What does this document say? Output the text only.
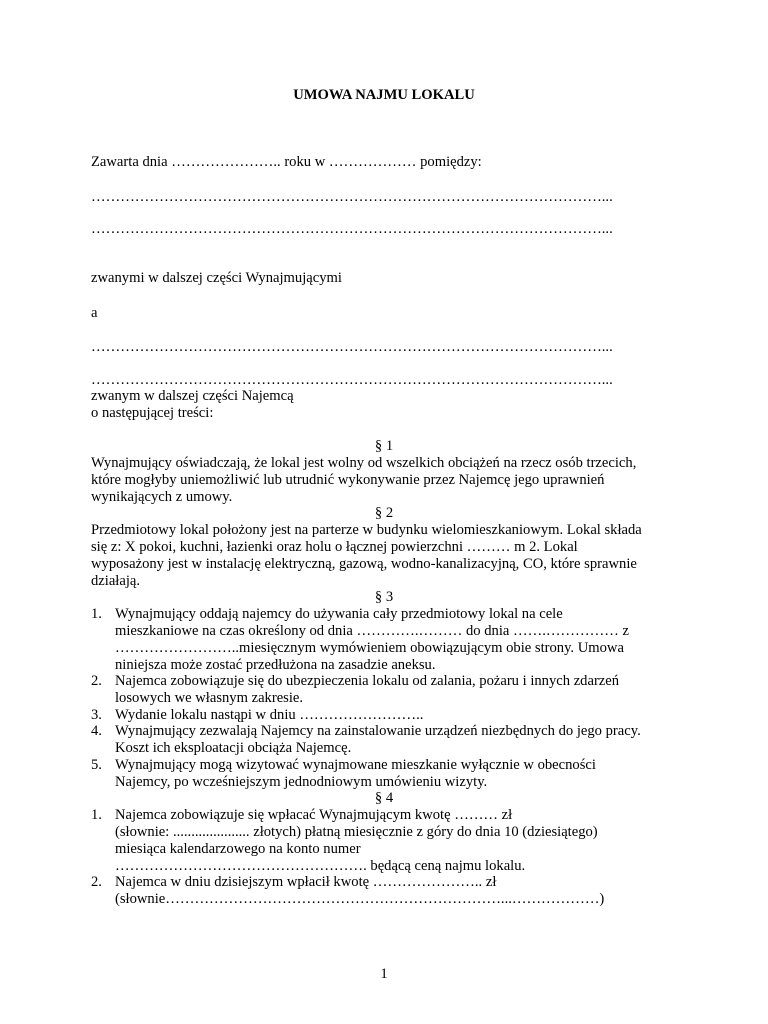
UMOWA NAJMU LOKALU
Zawarta dnia ………………….. roku w ……………… pomiędzy:
……………………………………………………………………………………………...
……………………………………………………………………………………………...
zwanymi w dalszej części Wynajmującymi
a
……………………………………………………………………………………………...
……………………………………………………………………………………………...
zwanym w dalszej części Najemcą
o następującej treści:
§ 1
Wynajmujący oświadczają, że lokal jest wolny od wszelkich obciążeń na rzecz osób trzecich,
które mogłyby uniemożliwić lub utrudnić wykonywanie przez Najemcę jego uprawnień
wynikających z umowy.
§ 2
Przedmiotowy lokal położony jest na parterze w budynku wielomieszkaniowym. Lokal składa
się z: X pokoi, kuchni, łazienki oraz holu o łącznej powierzchni ……… m 2. Lokal
wyposażony jest w instalację elektryczną, gazową, wodno-kanalizacyjną, CO, które sprawnie
działają.
§ 3
1. Wynajmujący oddają najemcy do używania cały przedmiotowy lokal na cele
mieszkaniowe na czas określony od dnia ………….……… do dnia …….…………… z
……………………..miesięcznym wymówieniem obowiązującym obie strony. Umowa
niniejsza może zostać przedłużona na zasadzie aneksu.
2. Najemca zobowiązuje się do ubezpieczenia lokalu od zalania, pożaru i innych zdarzeń
losowych we własnym zakresie.
3. Wydanie lokalu nastąpi w dniu ……………………..
4. Wynajmujący zezwalają Najemcy na zainstalowanie urządzeń niezbędnych do jego pracy.
Koszt ich eksploatacji obciąża Najemcę.
5. Wynajmujący mogą wizytować wynajmowane mieszkanie wyłącznie w obecności
Najemcy, po wcześniejszym jednodniowym umówieniu wizyty.
§ 4
1. Najemca zobowiązuje się wpłacać Wynajmującym kwotę ……… zł
(słownie: ..................... złotych) płatną miesięcznie z góry do dnia 10 (dziesiątego)
miesiąca kalendarzowego na konto numer
……………………………………………. będącą ceną najmu lokalu.
2. Najemca w dniu dzisiejszym wpłacił kwotę ………………….. zł
(słownie……………………………………………………………...………………)
1
